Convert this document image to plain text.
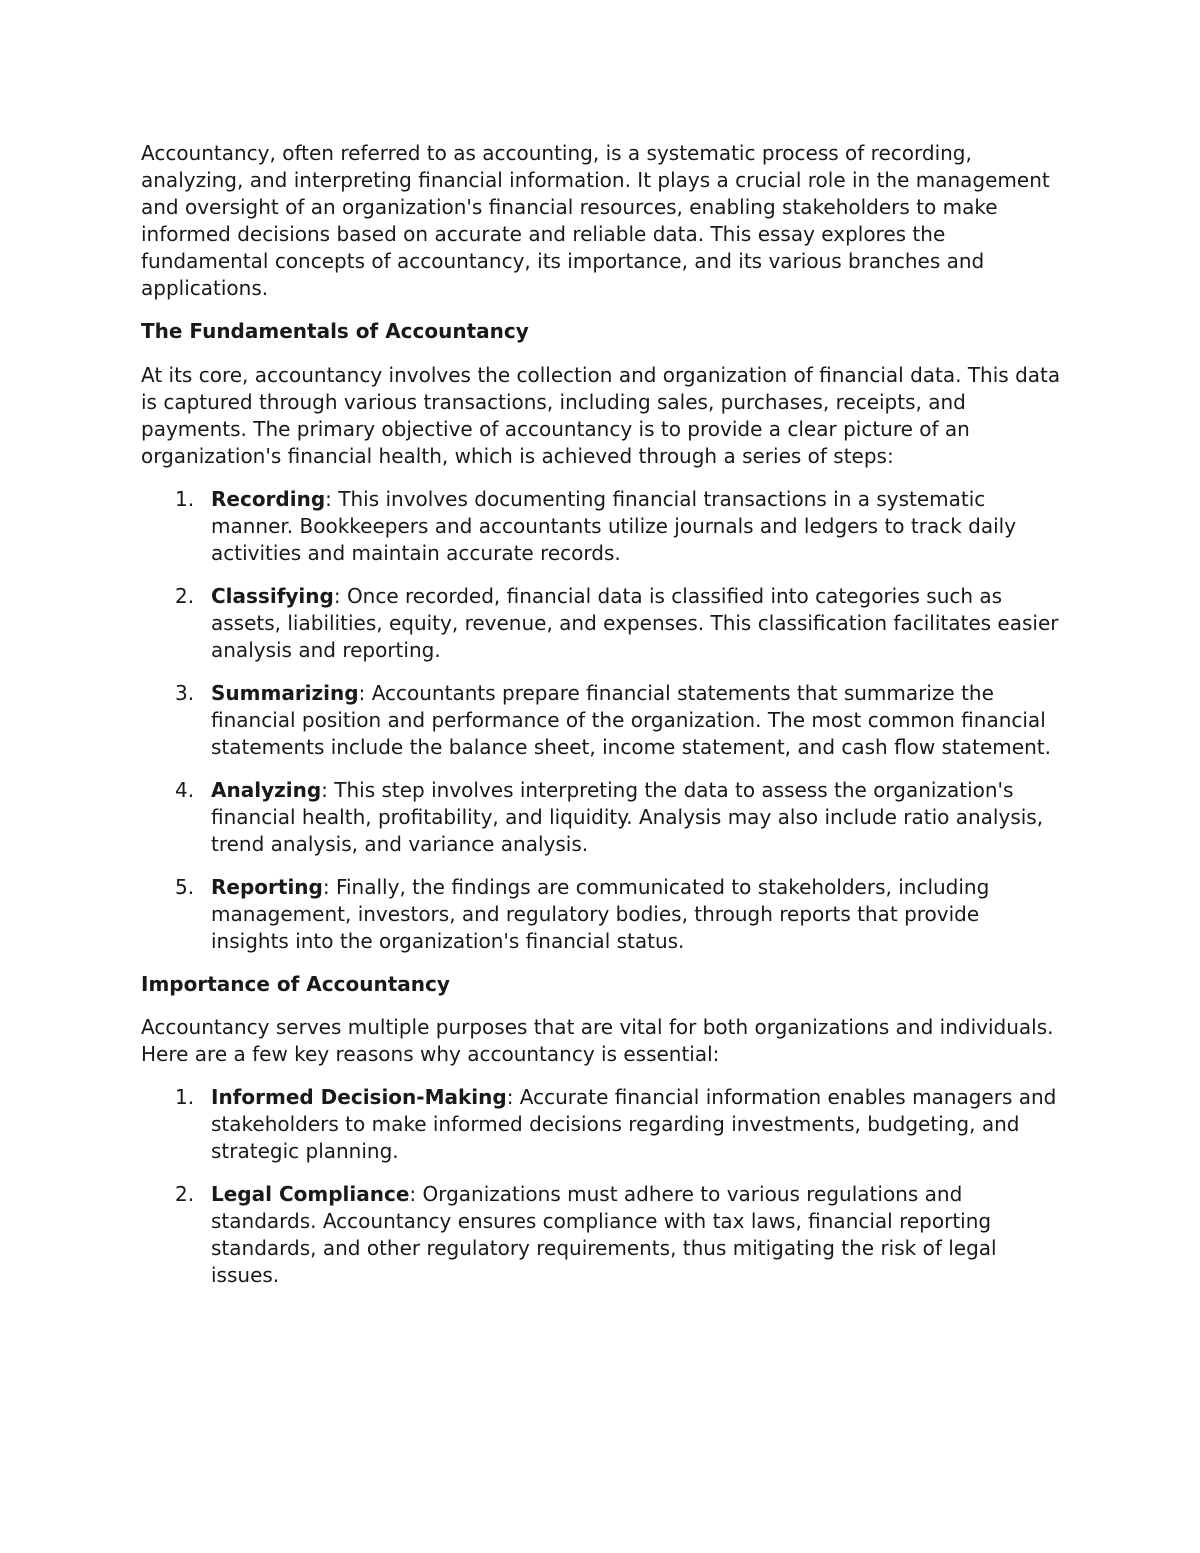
Accountancy, often referred to as accounting, is a systematic process of recording, analyzing, and interpreting financial information. It plays a crucial role in the management and oversight of an organization's financial resources, enabling stakeholders to make informed decisions based on accurate and reliable data. This essay explores the fundamental concepts of accountancy, its importance, and its various branches and applications.

The Fundamentals of Accountancy

At its core, accountancy involves the collection and organization of financial data. This data is captured through various transactions, including sales, purchases, receipts, and payments. The primary objective of accountancy is to provide a clear picture of an organization's financial health, which is achieved through a series of steps:

1. Recording: This involves documenting financial transactions in a systematic manner. Bookkeepers and accountants utilize journals and ledgers to track daily activities and maintain accurate records.
2. Classifying: Once recorded, financial data is classified into categories such as assets, liabilities, equity, revenue, and expenses. This classification facilitates easier analysis and reporting.
3. Summarizing: Accountants prepare financial statements that summarize the financial position and performance of the organization. The most common financial statements include the balance sheet, income statement, and cash flow statement.
4. Analyzing: This step involves interpreting the data to assess the organization's financial health, profitability, and liquidity. Analysis may also include ratio analysis, trend analysis, and variance analysis.
5. Reporting: Finally, the findings are communicated to stakeholders, including management, investors, and regulatory bodies, through reports that provide insights into the organization's financial status.
Importance of Accountancy

Accountancy serves multiple purposes that are vital for both organizations and individuals. Here are a few key reasons why accountancy is essential:

1. Informed Decision-Making: Accurate financial information enables managers and stakeholders to make informed decisions regarding investments, budgeting, and strategic planning.
2. Legal Compliance: Organizations must adhere to various regulations and standards. Accountancy ensures compliance with tax laws, financial reporting standards, and other regulatory requirements, thus mitigating the risk of legal issues.
